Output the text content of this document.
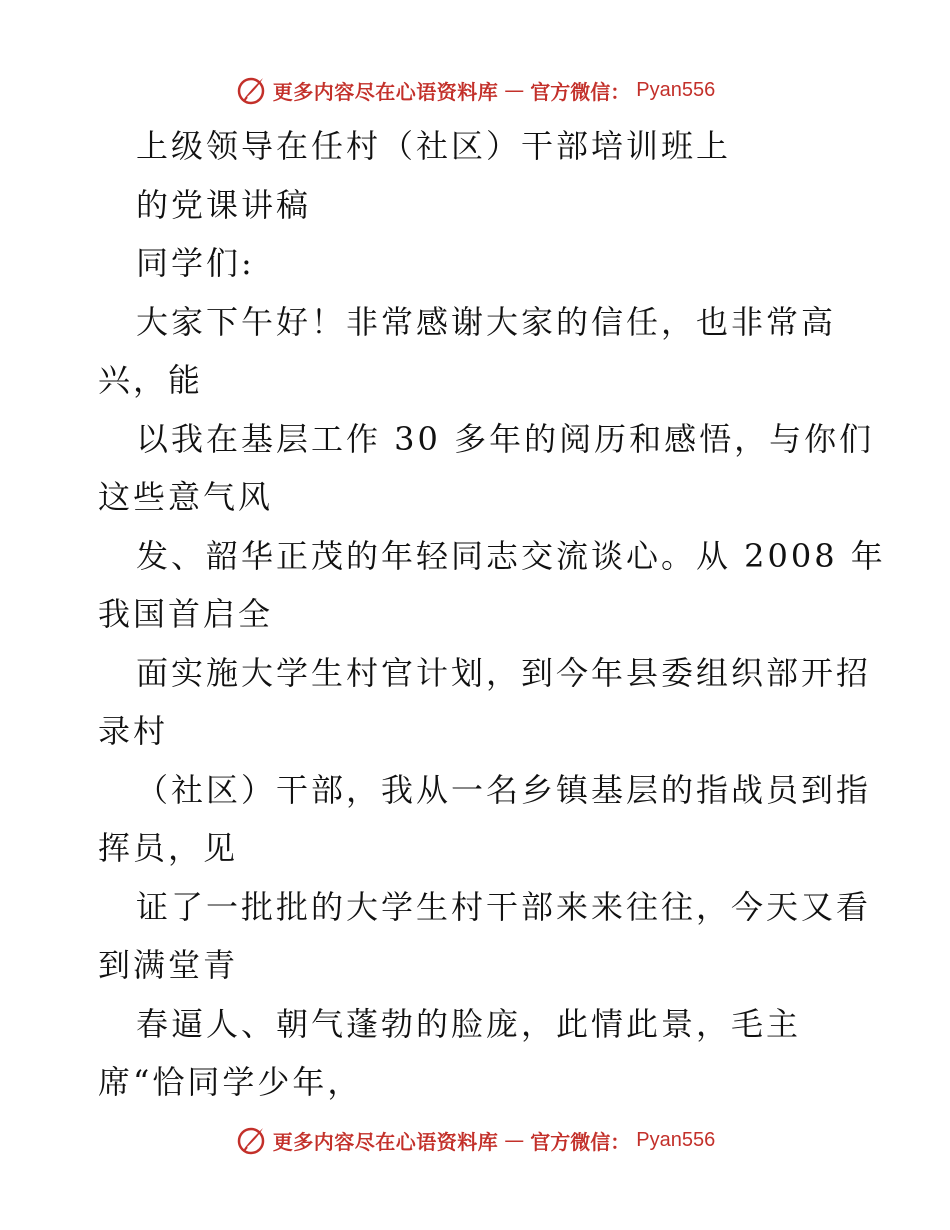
更多内容尽在心语资料库 — 官方微信： Pyan556
上级领导在任村（社区）干部培训班上
的党课讲稿
同学们:
大家下午好！非常感谢大家的信任，也非常高
兴，能
以我在基层工作 30 多年的阅历和感悟，与你们
这些意气风
发、韶华正茂的年轻同志交流谈心。从 2008 年
我国首启全
面实施大学生村官计划，到今年县委组织部开招
录村
（社区）干部，我从一名乡镇基层的指战员到指
挥员，见
证了一批批的大学生村干部来来往往，今天又看
到满堂青
春逼人、朝气蓬勃的脸庞，此情此景，毛主
席“恰同学少年，
更多内容尽在心语资料库 — 官方微信： Pyan556
